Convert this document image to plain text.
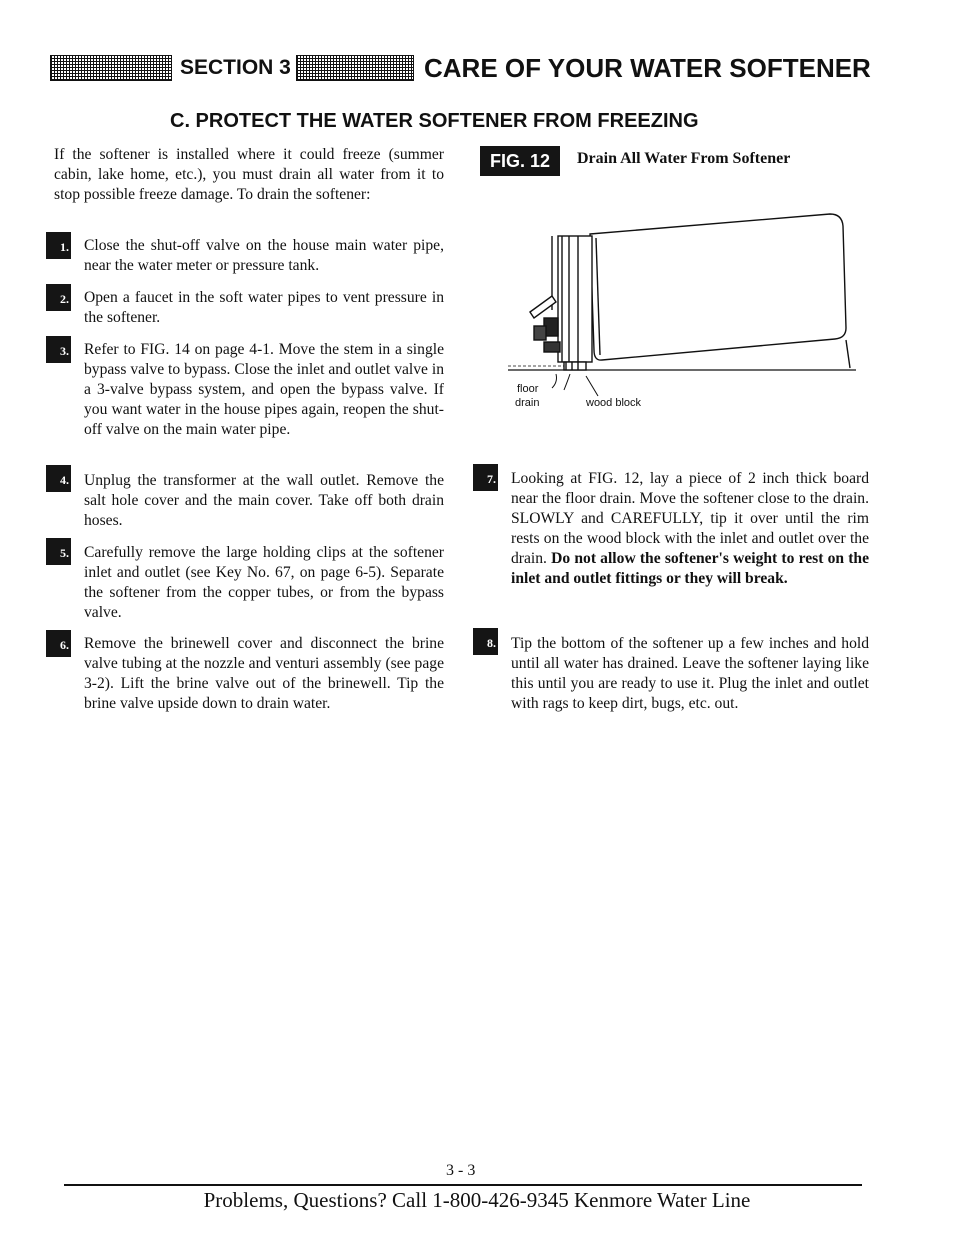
SECTION 3	CARE OF YOUR WATER SOFTENER
C. PROTECT THE WATER SOFTENER FROM FREEZING
If the softener is installed where it could freeze (summer cabin, lake home, etc.), you must drain all water from it to stop possible freeze damage. To drain the softener:
1. Close the shut-off valve on the house main water pipe, near the water meter or pressure tank.
2. Open a faucet in the soft water pipes to vent pressure in the softener.
3. Refer to FIG. 14 on page 4-1. Move the stem in a single bypass valve to bypass. Close the inlet and outlet valve in a 3-valve bypass system, and open the bypass valve. If you want water in the house pipes again, reopen the shut-off valve on the main water pipe.
4. Unplug the transformer at the wall outlet. Remove the salt hole cover and the main cover. Take off both drain hoses.
5. Carefully remove the large holding clips at the softener inlet and outlet (see Key No. 67, on page 6-5). Separate the softener from the copper tubes, or from the bypass valve.
6. Remove the brinewell cover and disconnect the brine valve tubing at the nozzle and venturi assembly (see page 3-2). Lift the brine valve out of the brinewell. Tip the brine valve upside down to drain water.
FIG. 12	Drain All Water From Softener
floor
drain	wood block
7. Looking at FIG. 12, lay a piece of 2 inch thick board near the floor drain. Move the softener close to the drain. SLOWLY and CAREFULLY, tip it over until the rim rests on the wood block with the inlet and outlet over the drain. Do not allow the softener's weight to rest on the inlet and outlet fittings or they will break.
8. Tip the bottom of the softener up a few inches and hold until all water has drained. Leave the softener laying like this until you are ready to use it. Plug the inlet and outlet with rags to keep dirt, bugs, etc. out.
3 - 3
Problems, Questions? Call 1-800-426-9345 Kenmore Water Line
